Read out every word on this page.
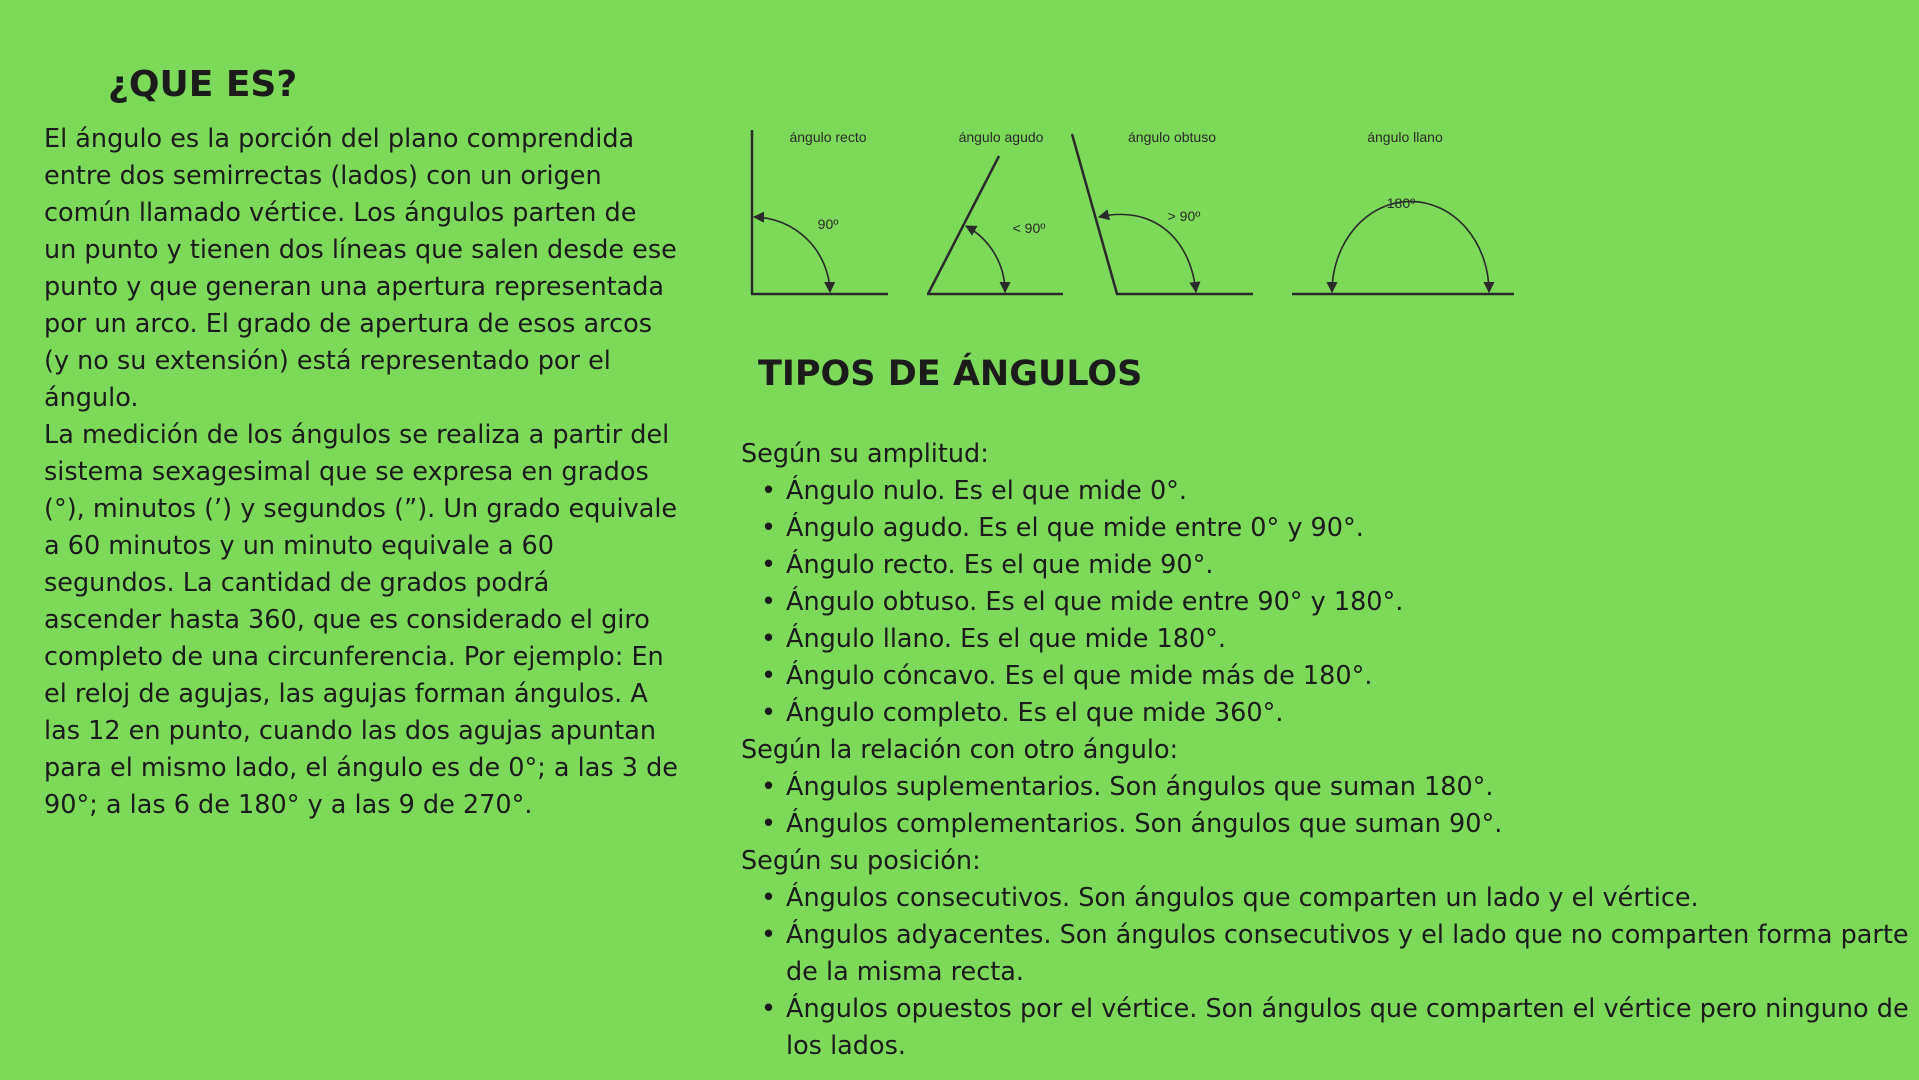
¿QUE ES?
El ángulo es la porción del plano comprendida
entre dos semirrectas (lados) con un origen
común llamado vértice. Los ángulos parten de
un punto y tienen dos líneas que salen desde ese
punto y que generan una apertura representada
por un arco. El grado de apertura de esos arcos
(y no su extensión) está representado por el
ángulo.
La medición de los ángulos se realiza a partir del
sistema sexagesimal que se expresa en grados
(°), minutos (’) y segundos (”). Un grado equivale
a 60 minutos y un minuto equivale a 60
segundos. La cantidad de grados podrá
ascender hasta 360, que es considerado el giro
completo de una circunferencia. Por ejemplo: En
el reloj de agujas, las agujas forman ángulos. A
las 12 en punto, cuando las dos agujas apuntan
para el mismo lado, el ángulo es de 0°; a las 3 de
90°; a las 6 de 180° y a las 9 de 270°.
ángulo recto
90º
ángulo agudo
< 90º
ángulo obtuso
> 90º
ángulo llano
180º
TIPOS DE ÁNGULOS
Según su amplitud:
• Ángulo nulo. Es el que mide 0°.
• Ángulo agudo. Es el que mide entre 0° y 90°.
• Ángulo recto. Es el que mide 90°.
• Ángulo obtuso. Es el que mide entre 90° y 180°.
• Ángulo llano. Es el que mide 180°.
• Ángulo cóncavo. Es el que mide más de 180°.
• Ángulo completo. Es el que mide 360°.
Según la relación con otro ángulo:
• Ángulos suplementarios. Son ángulos que suman 180°.
• Ángulos complementarios. Son ángulos que suman 90°.
Según su posición:
• Ángulos consecutivos. Son ángulos que comparten un lado y el vértice.
• Ángulos adyacentes. Son ángulos consecutivos y el lado que no comparten forma parte de la misma recta.
• Ángulos opuestos por el vértice. Son ángulos que comparten el vértice pero ninguno de los lados.
